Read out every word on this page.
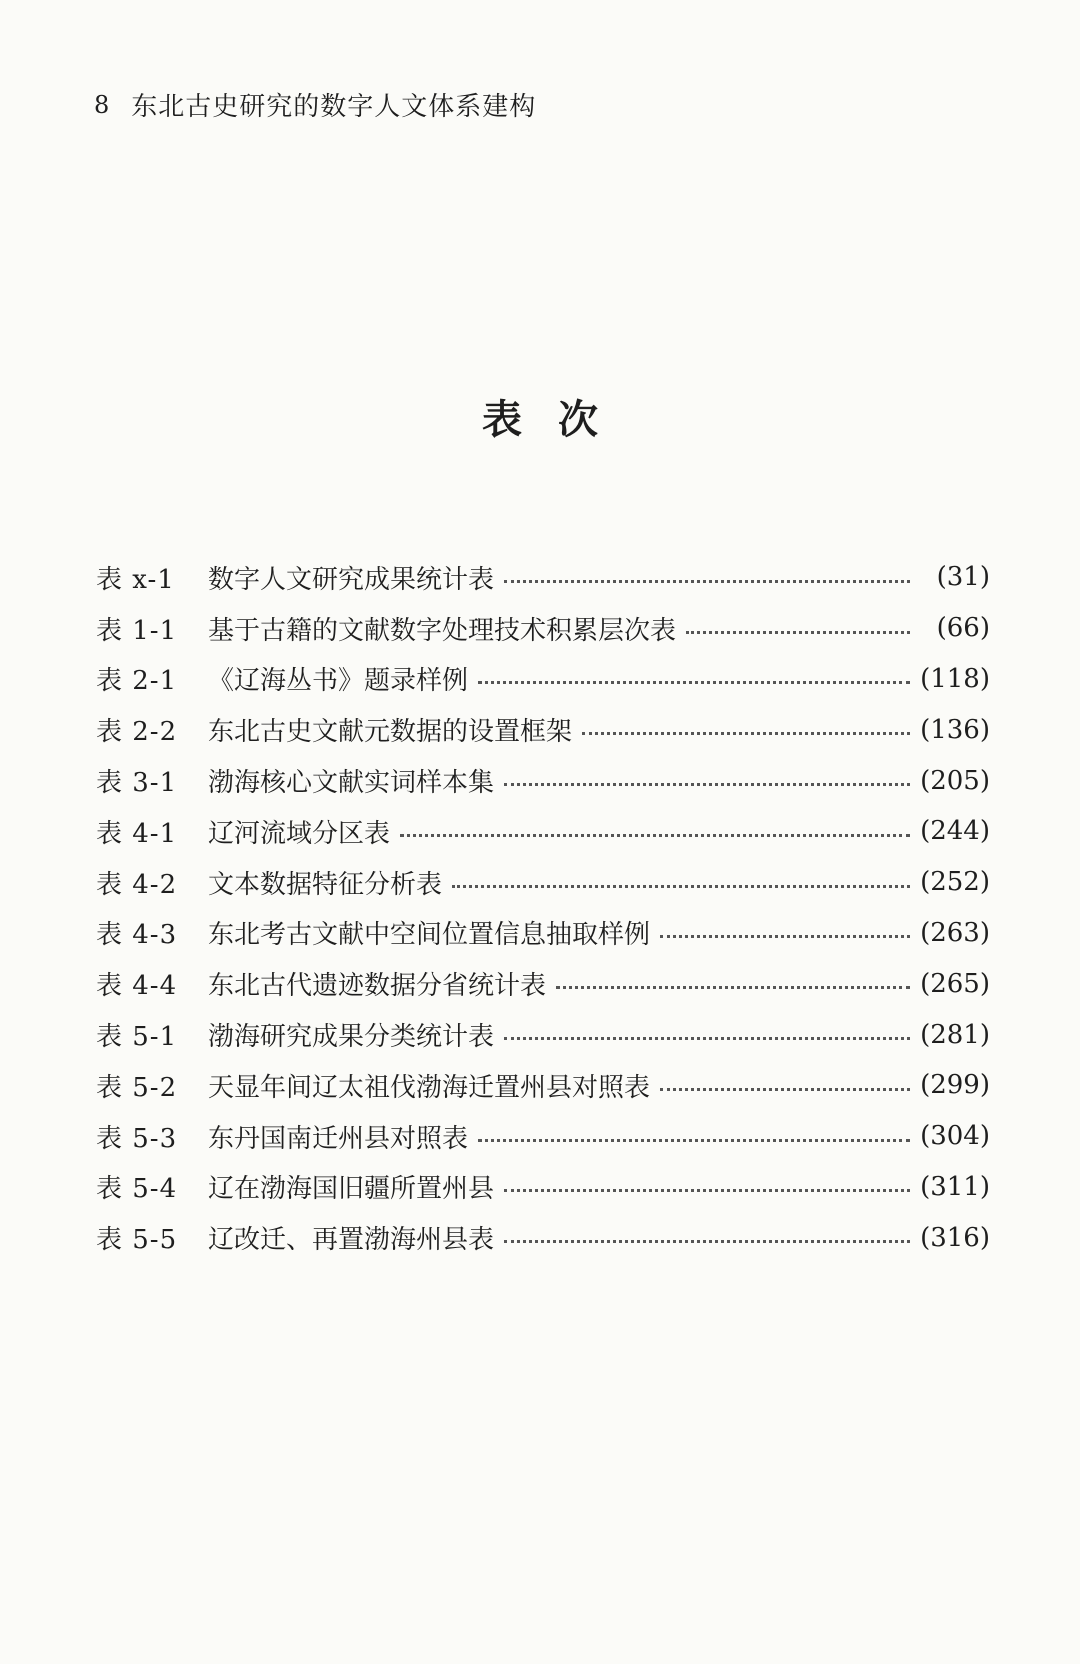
8 东北古史研究的数字人文体系建构
表次
表 x-1	数字人文研究成果统计表	(31)
表 1-1	基于古籍的文献数字处理技术积累层次表	(66)
表 2-1	《辽海丛书》题录样例	(118)
表 2-2	东北古史文献元数据的设置框架	(136)
表 3-1	渤海核心文献实词样本集	(205)
表 4-1	辽河流域分区表	(244)
表 4-2	文本数据特征分析表	(252)
表 4-3	东北考古文献中空间位置信息抽取样例	(263)
表 4-4	东北古代遗迹数据分省统计表	(265)
表 5-1	渤海研究成果分类统计表	(281)
表 5-2	天显年间辽太祖伐渤海迁置州县对照表	(299)
表 5-3	东丹国南迁州县对照表	(304)
表 5-4	辽在渤海国旧疆所置州县	(311)
表 5-5	辽改迁、再置渤海州县表	(316)
